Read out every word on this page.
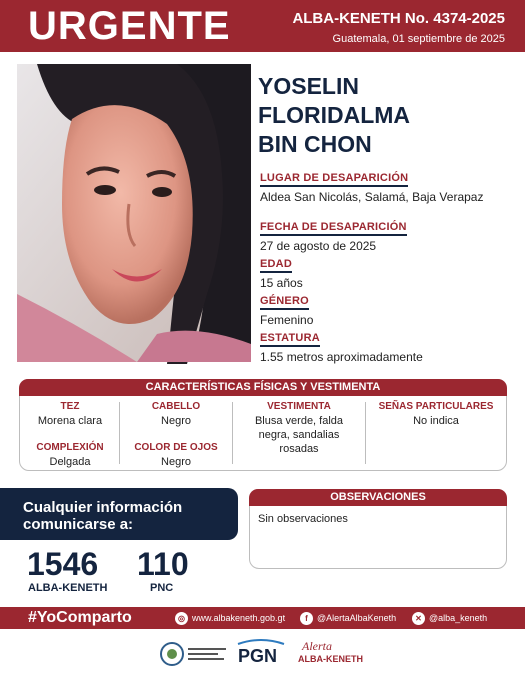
URGENTE	ALBA-KENETH No. 4374-2025
Guatemala, 01 septiembre de 2025
YOSELIN
FLORIDALMA
BIN CHON
LUGAR DE DESAPARICIÓN
Aldea San Nicolás, Salamá, Baja Verapaz
FECHA DE DESAPARICIÓN
27 de agosto de 2025
EDAD
15 años
GÉNERO
Femenino
ESTATURA
1.55 metros aproximadamente
CARACTERÍSTICAS FÍSICAS Y VESTIMENTA
TEZ
Morena clara
COMPLEXIÓN
Delgada
CABELLO
Negro
COLOR DE OJOS
Negro
VESTIMENTA
Blusa verde, falda
negra, sandalias
rosadas
SEÑAS PARTICULARES
No indica
Cualquier información
comunicarse a:
1546
ALBA-KENETH
110
PNC
OBSERVACIONES
Sin observaciones
#YoComparto	◎ www.albakeneth.gob.gt	f	@AlertaAlbaKeneth	✕ @alba_keneth
PGN Alerta
ALBA-KENETH
